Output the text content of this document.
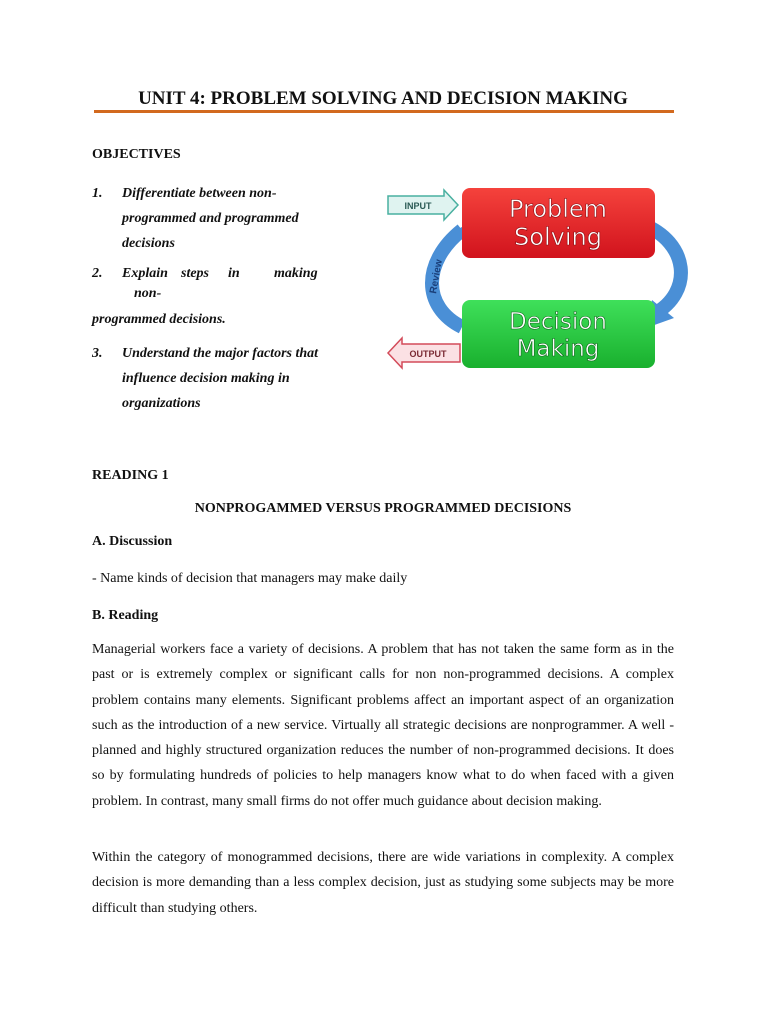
UNIT 4: PROBLEM SOLVING AND DECISION MAKING
OBJECTIVES
1. Differentiate between non-programmed and programmed decisions
2. Explain steps in making
non-
programmed decisions.
3. Understand the major factors that influence decision making in organizations
Review
Problem
Solving
Decision
Making
INPUT
OUTPUT
READING 1
NONPROGAMMED VERSUS PROGRAMMED DECISIONS
A. Discussion
- Name kinds of decision that managers may make daily
B. Reading
Managerial workers face a variety of decisions. A problem that has not taken the same form as in the past or is extremely complex or significant calls for non non-programmed decisions. A complex problem contains many elements. Significant problems affect an important aspect of an organization such as the introduction of a new service. Virtually all strategic decisions are nonprogrammer. A well - planned and highly structured organization reduces the number of non-programmed decisions. It does so by formulating hundreds of policies to help managers know what to do when faced with a given problem. In contrast, many small firms do not offer much guidance about decision making.
Within the category of monogrammed decisions, there are wide variations in complexity. A complex decision is more demanding than a less complex decision, just as studying some subjects may be more difficult than studying others.
